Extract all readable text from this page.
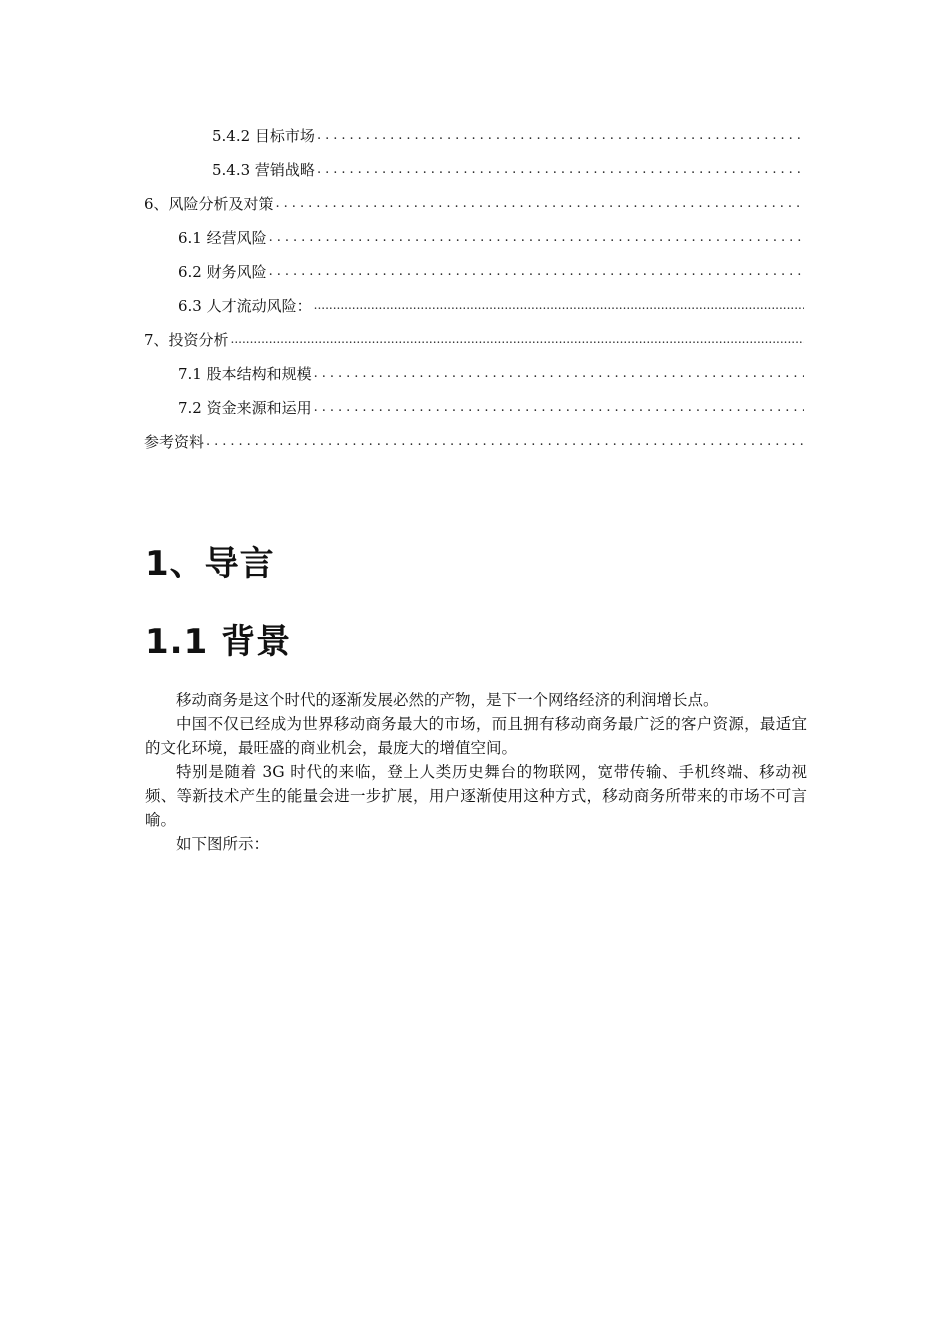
5.4.2 目标市场
.....
5.4.3 营销战略
.....
6、风险分析及对策
.....
6.1 经营风险
.....
6.2 财务风险
.....
6.3 人才流动风险：
.....
7、投资分析
.....
7.1 股本结构和规模
.....
7.2 资金来源和运用
.....
参考资料
.....
1、导言
1.1 背景

移动商务是这个时代的逐渐发展必然的产物，是下一个网络经济的利润增长点。

中国不仅已经成为世界移动商务最大的市场，而且拥有移动商务最广泛的客户资源，最适宜的文化环境，最旺盛的商业机会，最庞大的增值空间。

特别是随着 3G 时代的来临，登上人类历史舞台的物联网，宽带传输、手机终端、移动视频、等新技术产生的能量会进一步扩展，用户逐渐使用这种方式，移动商务所带来的市场不可言喻。

如下图所示：
